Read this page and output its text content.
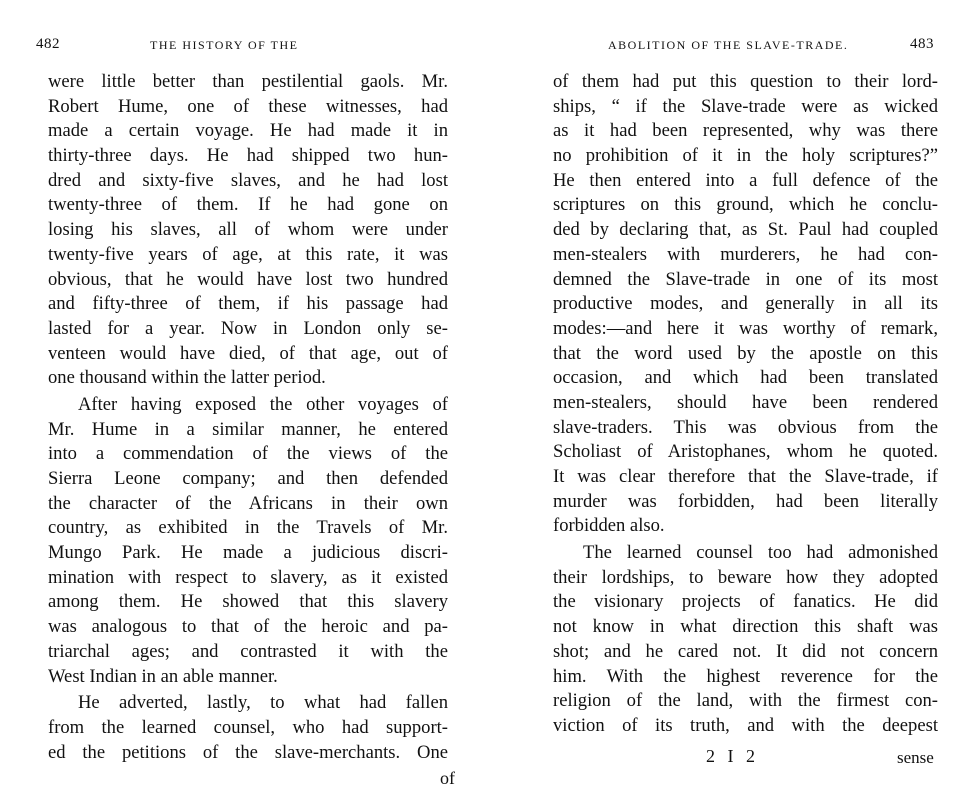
482	THE HISTORY OF THE
were little better than pestilential gaols. Mr.
Robert Hume, one of these witnesses, had
made a certain voyage. He had made it in
thirty-three days. He had shipped two hun-
dred and sixty-five slaves, and he had lost
twenty-three of them. If he had gone on
losing his slaves, all of whom were under
twenty-five years of age, at this rate, it was
obvious, that he would have lost two hundred
and fifty-three of them, if his passage had
lasted for a year. Now in London only se-
venteen would have died, of that age, out of
one thousand within the latter period.
After having exposed the other voyages of
Mr. Hume in a similar manner, he entered
into a commendation of the views of the
Sierra Leone company; and then defended
the character of the Africans in their own
country, as exhibited in the Travels of Mr.
Mungo Park. He made a judicious discri-
mination with respect to slavery, as it existed
among them. He showed that this slavery
was analogous to that of the heroic and pa-
triarchal ages; and contrasted it with the
West Indian in an able manner.
He adverted, lastly, to what had fallen
from the learned counsel, who had support-
ed the petitions of the slave-merchants. One
of
ABOLITION OF THE SLAVE-TRADE.	483
of them had put this question to their lord-
ships, “ if the Slave-trade were as wicked
as it had been represented, why was there
no prohibition of it in the holy scriptures?”
He then entered into a full defence of the
scriptures on this ground, which he conclu-
ded by declaring that, as St. Paul had coupled
men-stealers with murderers, he had con-
demned the Slave-trade in one of its most
productive modes, and generally in all its
modes:—and here it was worthy of remark,
that the word used by the apostle on this
occasion, and which had been translated
men-stealers, should have been rendered
slave-traders. This was obvious from the
Scholiast of Aristophanes, whom he quoted.
It was clear therefore that the Slave-trade, if
murder was forbidden, had been literally
forbidden also.
The learned counsel too had admonished
their lordships, to beware how they adopted
the visionary projects of fanatics. He did
not know in what direction this shaft was
shot; and he cared not. It did not concern
him. With the highest reverence for the
religion of the land, with the firmest con-
viction of its truth, and with the deepest
2 I 2	sense
